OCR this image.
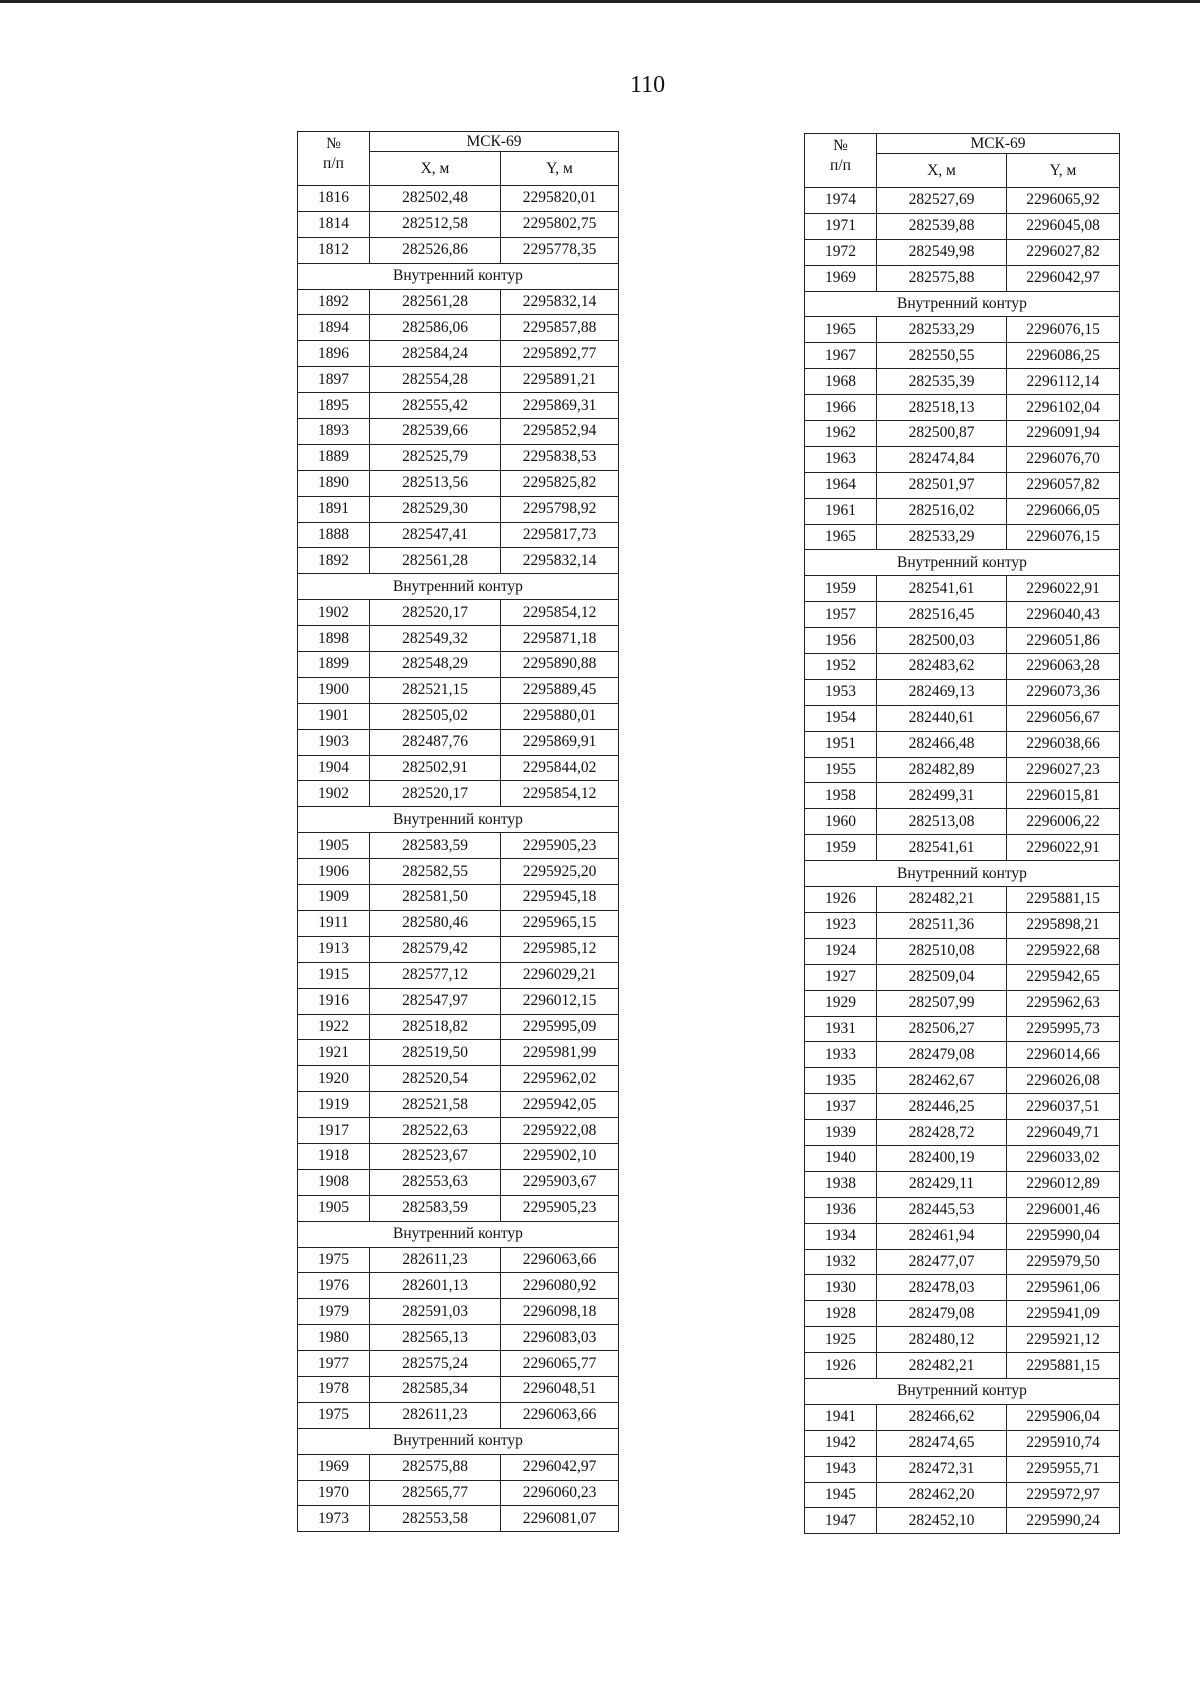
110
№
п/п	МСК-69	
	X, м	Y, м
1816	282502,48	2295820,01
1814	282512,58	2295802,75
1812	282526,86	2295778,35
Внутренний контур		
1892	282561,28	2295832,14
1894	282586,06	2295857,88
1896	282584,24	2295892,77
1897	282554,28	2295891,21
1895	282555,42	2295869,31
1893	282539,66	2295852,94
1889	282525,79	2295838,53
1890	282513,56	2295825,82
1891	282529,30	2295798,92
1888	282547,41	2295817,73
1892	282561,28	2295832,14
Внутренний контур		
1902	282520,17	2295854,12
1898	282549,32	2295871,18
1899	282548,29	2295890,88
1900	282521,15	2295889,45
1901	282505,02	2295880,01
1903	282487,76	2295869,91
1904	282502,91	2295844,02
1902	282520,17	2295854,12
Внутренний контур		
1905	282583,59	2295905,23
1906	282582,55	2295925,20
1909	282581,50	2295945,18
1911	282580,46	2295965,15
1913	282579,42	2295985,12
1915	282577,12	2296029,21
1916	282547,97	2296012,15
1922	282518,82	2295995,09
1921	282519,50	2295981,99
1920	282520,54	2295962,02
1919	282521,58	2295942,05
1917	282522,63	2295922,08
1918	282523,67	2295902,10
1908	282553,63	2295903,67
1905	282583,59	2295905,23
Внутренний контур		
1975	282611,23	2296063,66
1976	282601,13	2296080,92
1979	282591,03	2296098,18
1980	282565,13	2296083,03
1977	282575,24	2296065,77
1978	282585,34	2296048,51
1975	282611,23	2296063,66
Внутренний контур		
1969	282575,88	2296042,97
1970	282565,77	2296060,23
1973	282553,58	2296081,07
№
п/п	МСК-69	
	X, м	Y, м
1974	282527,69	2296065,92
1971	282539,88	2296045,08
1972	282549,98	2296027,82
1969	282575,88	2296042,97
Внутренний контур		
1965	282533,29	2296076,15
1967	282550,55	2296086,25
1968	282535,39	2296112,14
1966	282518,13	2296102,04
1962	282500,87	2296091,94
1963	282474,84	2296076,70
1964	282501,97	2296057,82
1961	282516,02	2296066,05
1965	282533,29	2296076,15
Внутренний контур		
1959	282541,61	2296022,91
1957	282516,45	2296040,43
1956	282500,03	2296051,86
1952	282483,62	2296063,28
1953	282469,13	2296073,36
1954	282440,61	2296056,67
1951	282466,48	2296038,66
1955	282482,89	2296027,23
1958	282499,31	2296015,81
1960	282513,08	2296006,22
1959	282541,61	2296022,91
Внутренний контур		
1926	282482,21	2295881,15
1923	282511,36	2295898,21
1924	282510,08	2295922,68
1927	282509,04	2295942,65
1929	282507,99	2295962,63
1931	282506,27	2295995,73
1933	282479,08	2296014,66
1935	282462,67	2296026,08
1937	282446,25	2296037,51
1939	282428,72	2296049,71
1940	282400,19	2296033,02
1938	282429,11	2296012,89
1936	282445,53	2296001,46
1934	282461,94	2295990,04
1932	282477,07	2295979,50
1930	282478,03	2295961,06
1928	282479,08	2295941,09
1925	282480,12	2295921,12
1926	282482,21	2295881,15
Внутренний контур		
1941	282466,62	2295906,04
1942	282474,65	2295910,74
1943	282472,31	2295955,71
1945	282462,20	2295972,97
1947	282452,10	2295990,24
